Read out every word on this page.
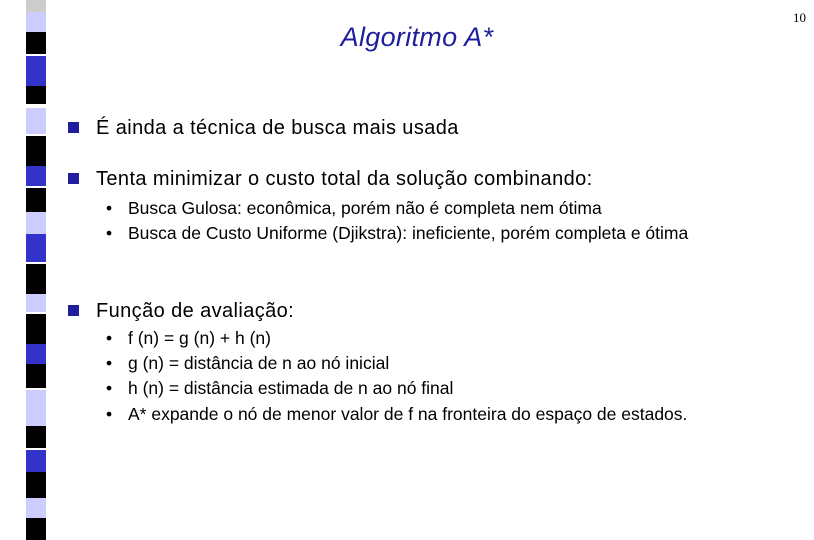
Algoritmo A*
10
É ainda a técnica de busca mais usada
Tenta minimizar o custo total da solução combinando:
• Busca Gulosa: econômica, porém não é completa nem ótima
• Busca de Custo Uniforme (Djikstra): ineficiente, porém completa e ótima
Função de avaliação:
• f (n) = g (n) + h (n)
• g (n) = distância de n ao nó inicial
• h (n) = distância estimada de n ao nó final
• A* expande o nó de menor valor de f na fronteira do espaço de estados.
